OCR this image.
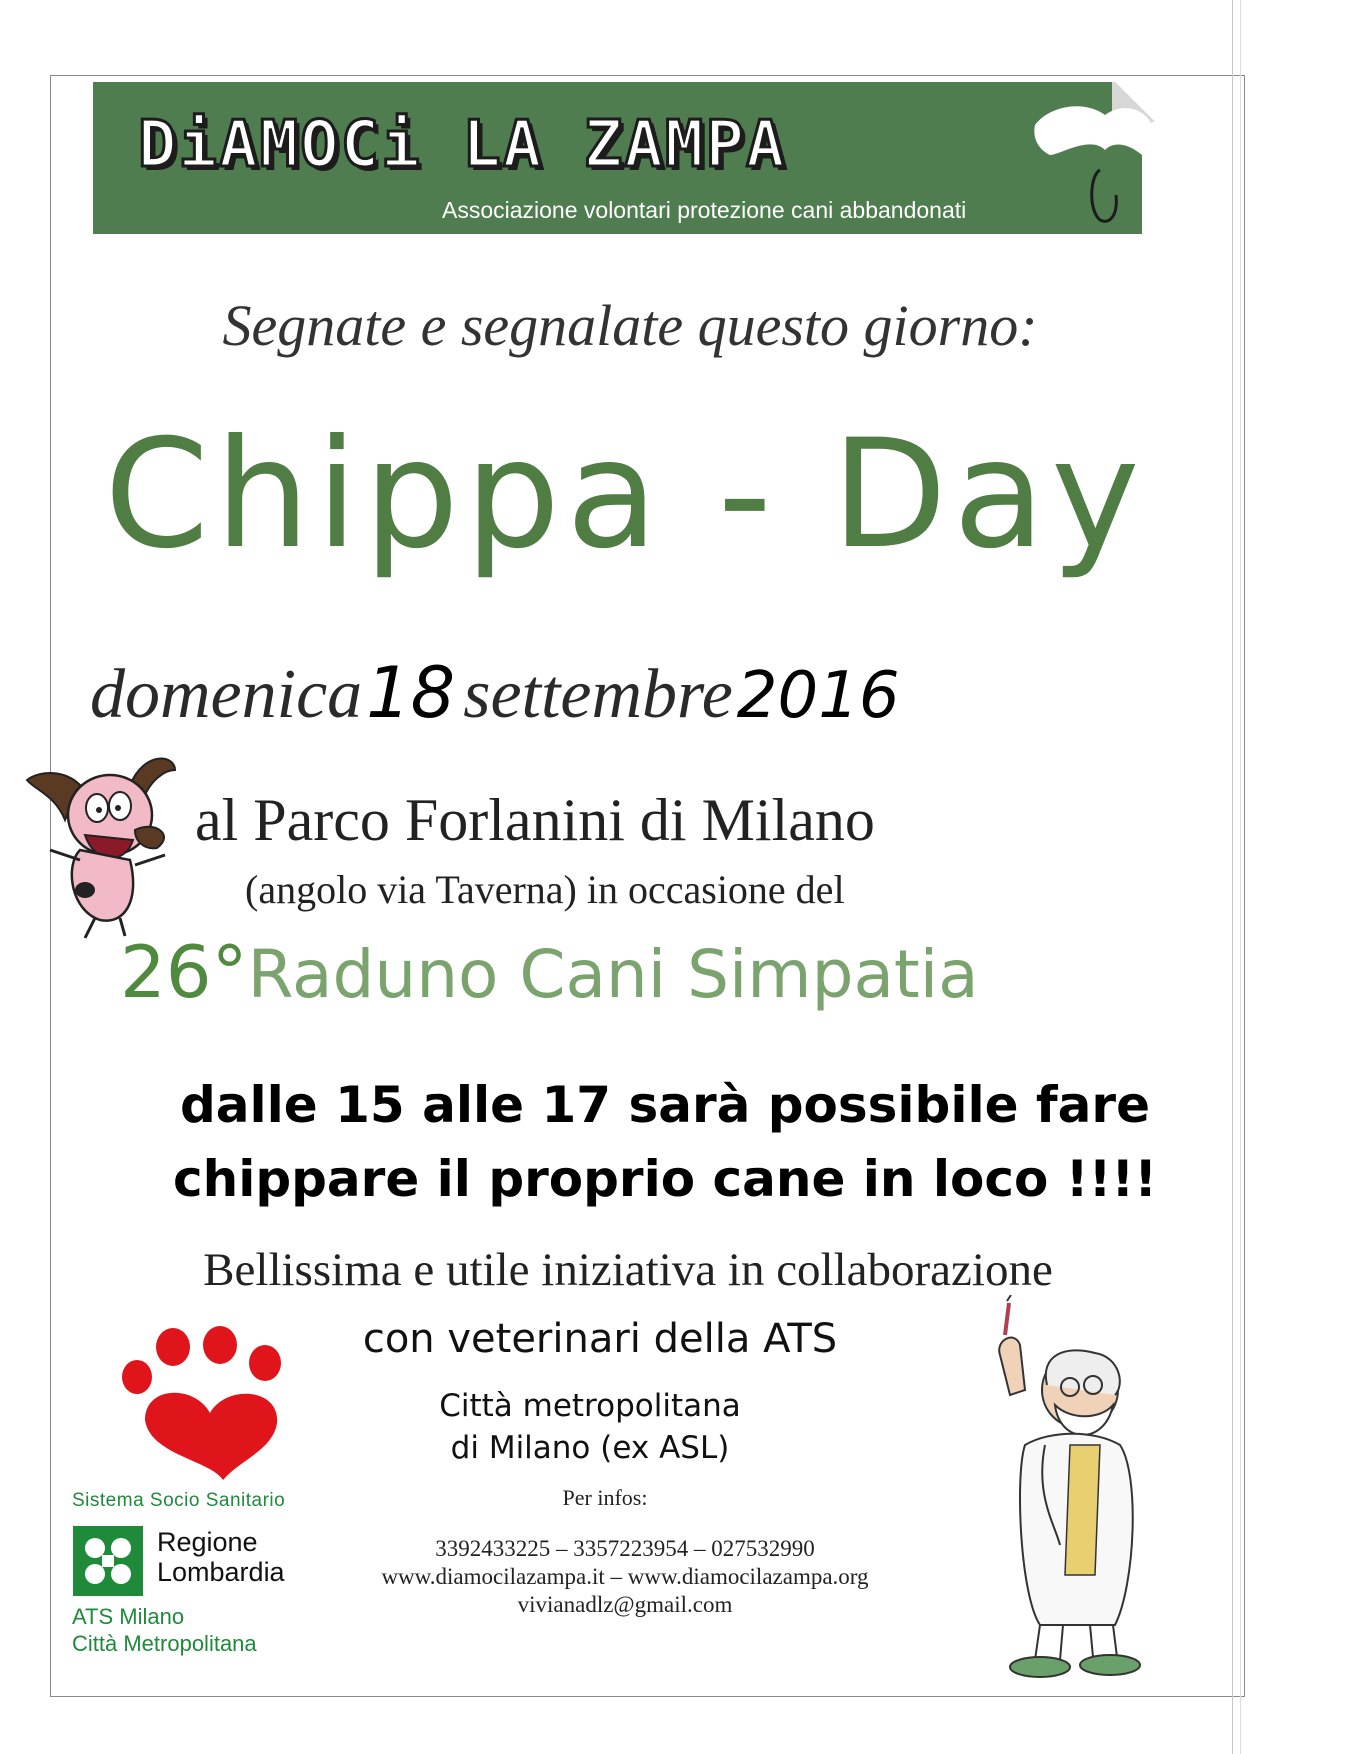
DiAMOCi LA ZAMPA
Associazione volontari protezione cani abbandonati
Segnate e segnalate questo giorno:
Chippa - Day
domenica 18 settembre 2016
al Parco Forlanini di Milano
(angolo via Taverna) in occasione del
26°Raduno Cani Simpatia
dalle 15 alle 17 sarà possibile fare
chippare il proprio cane in loco !!!!
Bellissima e utile iniziativa in collaborazione
con veterinari della ATS
Città metropolitana
di Milano (ex ASL)
Per infos:
3392433225 – 3357223954 – 027532990
www.diamocilazampa.it – www.diamocilazampa.org
vivianadlz@gmail.com
Sistema Socio Sanitario
Regione
Lombardia
ATS Milano
Città Metropolitana
